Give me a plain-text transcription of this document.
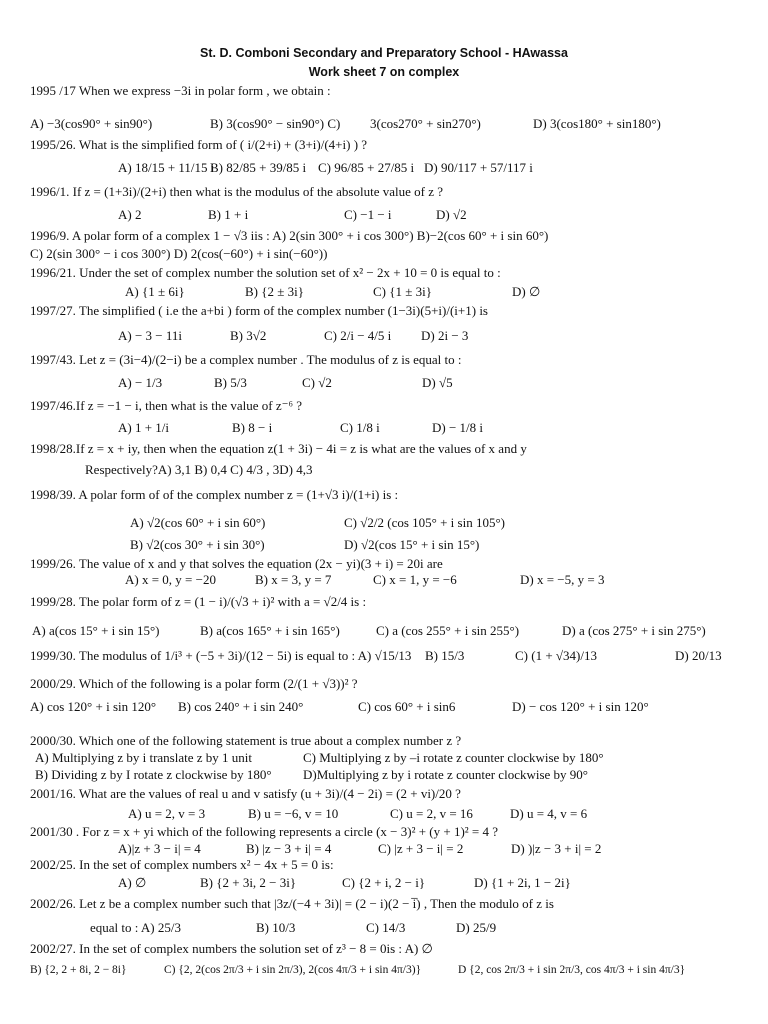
St. D. Comboni Secondary and Preparatory School - HAwassa
Work sheet 7 on complex
1995 /17 When we express −3i in polar form , we obtain :
A) −3(cos90° + sin90°)	B) 3(cos90° − sin90°) C) 3(cos270° + sin270°)	D) 3(cos180° + sin180°)
1995/26. What is the simplified form of ( i/(2+i) + (3+i)/(4+i) ) ?
A) 18/15 + 11/15 i
B) 82/85 + 39/85 i C) 96/85 + 27/85 i D) 90/117 + 57/117 i
1996/1. If z = (1+3i)/(2+i) then what is the modulus of the absolute value of z ?
A) 2	B) 1 + i	C) −1 − i	D) √2
1996/9. A polar form of a complex 1 − √3 iis : A) 2(sin 300° + i cos 300°) B)−2(cos 60° + i sin 60°)
C) 2(sin 300° − i cos 300°) D) 2(cos(−60°) + i sin(−60°))
1996/21. Under the set of complex number the solution set of x² − 2x + 10 = 0 is equal to :
A) {1 ± 6i}	B) {2 ± 3i}	C) {1 ± 3i}	D) ∅
1997/27. The simplified ( i.e the a+bi ) form of the complex number (1−3i)(5+i)/(i+1) is
A) − 3 − 11i	B) 3√2	C) 2/i − 4/5 i D) 2i − 3
1997/43. Let z = (3i−4)/(2−i) be a complex number . The modulus of z is equal to :
A) − 1/3	B) 5/3	C) √2	D) √5
1997/46.If z = −1 − i, then what is the value of z⁻⁶ ?
A) 1 + 1/i	B) 8 − i	C) 1/8 i	D) − 1/8 i
1998/28.If z = x + iy, then when the equation z(1 + 3i) − 4i = z is what are the values of x and y
Respectively?A) 3,1 B) 0,4 C) 4/3 , 3D) 4,3
1998/39. A polar form of of the complex number z = (1+√3 i)/(1+i) is :
A) √2(cos 60° + i sin 60°)	C) √2/2 (cos 105° + i sin 105°)
B) √2(cos 30° + i sin 30°)	D) √2(cos 15° + i sin 15°)
1999/26. The value of x and y that solves the equation (2x − yi)(3 + i) = 20i are
A) x = 0, y = −20	B) x = 3, y = 7	C) x = 1, y = −6	D) x = −5, y = 3
1999/28. The polar form of z = (1 − i)/(√3 + i)² with a = √2/4 is :
A) a(cos 15° + i sin 15°)	B) a(cos 165° + i sin 165°)	C) a (cos 255° + i sin 255°)	D) a (cos 275° + i sin 275°)
1999/30. The modulus of 1/i³ + (−5 + 3i)/(12 − 5i) is equal to : A) √15/13 B) 15/3	C) (1 + √34)/13	D) 20/13
2000/29. Which of the following is a polar form (2/(1 + √3))² ?
A) cos 120° + i sin 120° B) cos 240° + i sin 240°	C) cos 60° + i sin6	D) − cos 120° + i sin 120°
2000/30. Which one of the following statement is true about a complex number z ?
A) Multiplying z by i translate z by 1 unit	C) Multiplying z by –i rotate z counter clockwise by 180°
B) Dividing z by I rotate z clockwise by 180° D)Multiplying z by i rotate z counter clockwise by 90°
2001/16. What are the values of real u and v satisfy (u + 3i)/(4 − 2i) = (2 + vi)/20 ?
A) u = 2, v = 3	B) u = −6, v = 10	C) u = 2, v = 16	D) u = 4, v = 6
2001/30 . For z = x + yi which of the following represents a circle (x − 3)² + (y + 1)² = 4 ?
A)|z + 3 − i| = 4	B) |z − 3 + i| = 4	C) |z + 3 − i| = 2	D) )|z − 3 + i| = 2
2002/25. In the set of complex numbers x² − 4x + 5 = 0 is:
A) ∅	B) {2 + 3i, 2 − 3i}	C) {2 + i, 2 − i}	D) {1 + 2i, 1 − 2i}
2002/26. Let z be a complex number such that |3z/(−4 + 3i)| = (2 − i)(2 − i̅) , Then the modulo of z is
equal to : A) 25/3	B) 10/3	C) 14/3	D) 25/9
2002/27. In the set of complex numbers the solution set of z³ − 8 = 0is : A) ∅
B) {2, 2 + 8i, 2 − 8i}	C) {2, 2(cos 2π/3 + i sin 2π/3), 2(cos 4π/3 + i sin 4π/3)}	D {2, cos 2π/3 + i sin 2π/3, cos 4π/3 + i sin 4π/3}
